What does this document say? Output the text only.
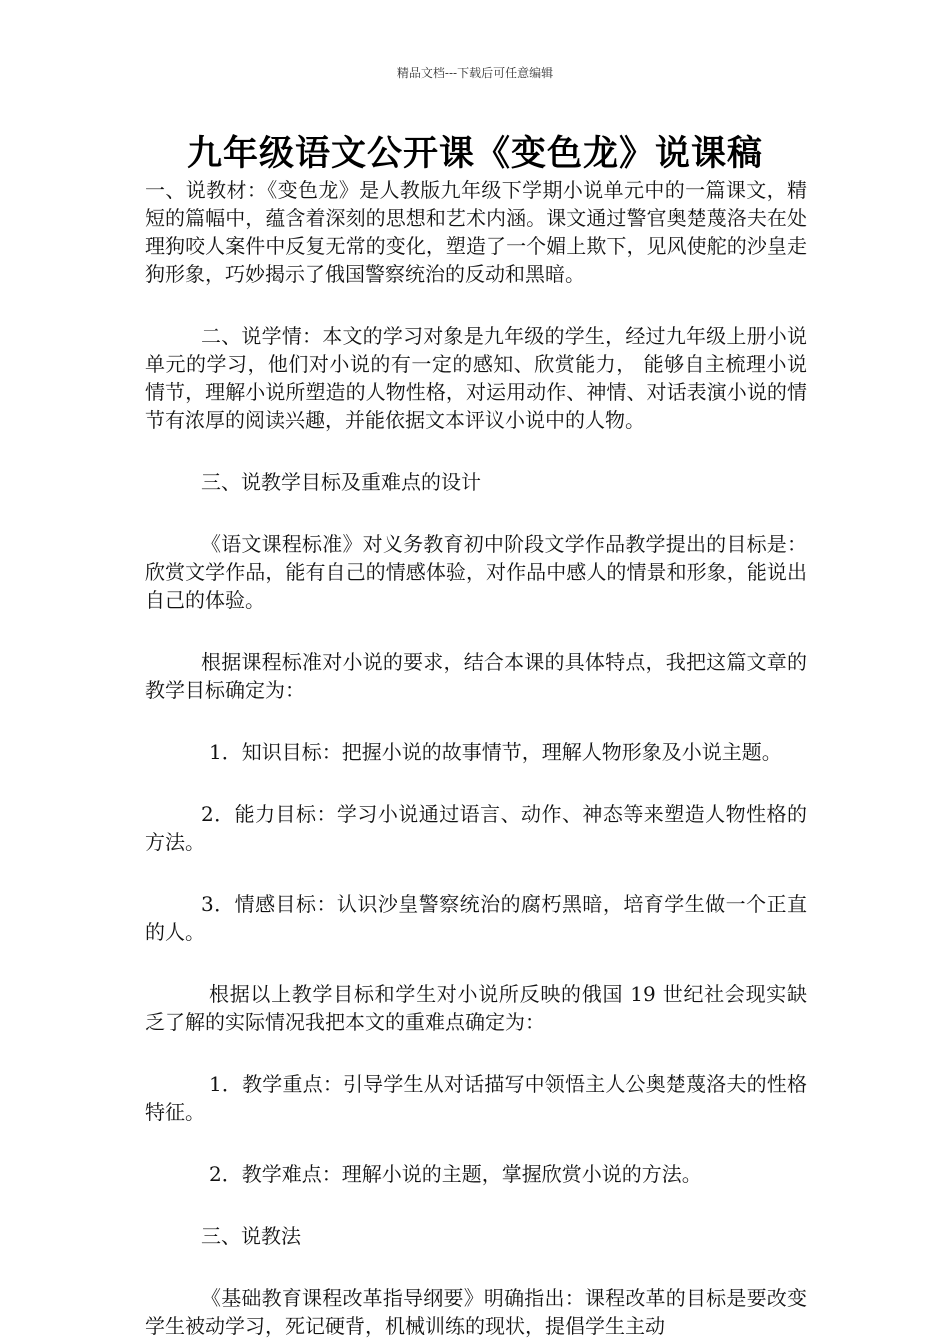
精品文档---下载后可任意编辑
九年级语文公开课《变色龙》说课稿

一、说教材：《变色龙》是人教版九年级下学期小说单元中的一篇课文，精短的篇幅中，蕴含着深刻的思想和艺术内涵。课文通过警官奥楚蔑洛夫在处理狗咬人案件中反复无常的变化，塑造了一个媚上欺下，见风使舵的沙皇走狗形象，巧妙揭示了俄国警察统治的反动和黑暗。

二、说学情：本文的学习对象是九年级的学生，经过九年级上册小说单元的学习，他们对小说的有一定的感知、欣赏能力， 能够自主梳理小说情节，理解小说所塑造的人物性格，对运用动作、神情、对话表演小说的情节有浓厚的阅读兴趣，并能依据文本评议小说中的人物。

三、说教学目标及重难点的设计

《语文课程标准》对义务教育初中阶段文学作品教学提出的目标是：欣赏文学作品，能有自己的情感体验，对作品中感人的情景和形象，能说出自己的体验。

根据课程标准对小说的要求，结合本课的具体特点，我把这篇文章的教学目标确定为：

1．知识目标：把握小说的故事情节，理解人物形象及小说主题。

2．能力目标：学习小说通过语言、动作、神态等来塑造人物性格的方法。

3．情感目标：认识沙皇警察统治的腐朽黑暗，培育学生做一个正直的人。

根据以上教学目标和学生对小说所反映的俄国 19 世纪社会现实缺乏了解的实际情况我把本文的重难点确定为：

1．教学重点：引导学生从对话描写中领悟主人公奥楚蔑洛夫的性格特征。

2．教学难点：理解小说的主题，掌握欣赏小说的方法。

三、说教法

《基础教育课程改革指导纲要》明确指出：课程改革的目标是要改变学生被动学习，死记硬背，机械训练的现状，提倡学生主动
